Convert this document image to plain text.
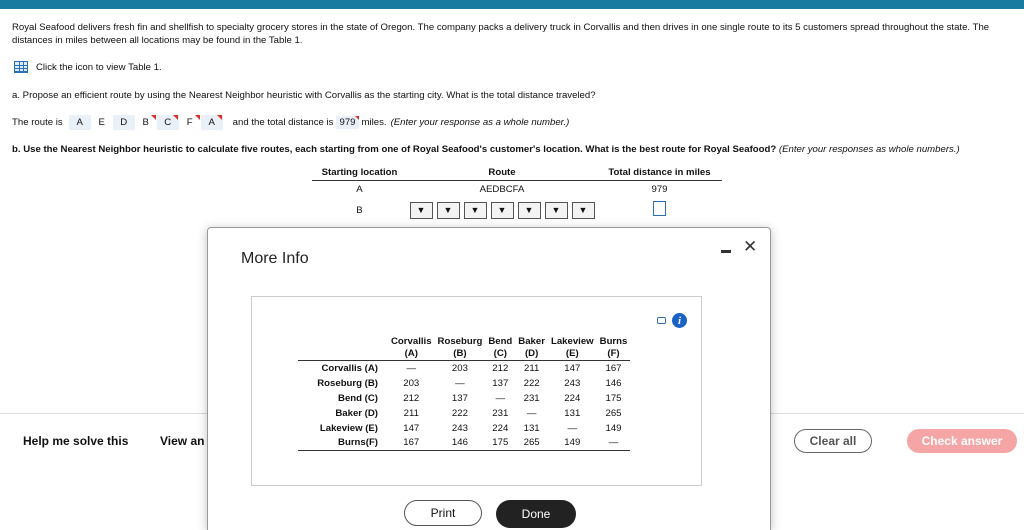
Royal Seafood delivers fresh fin and shellfish to specialty grocery stores in the state of Oregon. The company packs a delivery truck in Corvallis and then drives in one single route to its 5 customers spread throughout the state. The distances in miles between all locations may be found in the Table 1.
Click the icon to view Table 1.
a. Propose an efficient route by using the Nearest Neighbor heuristic with Corvallis as the starting city. What is the total distance traveled?
The route is A E D B C F A and the total distance is 979 miles. (Enter your response as a whole number.)
b. Use the Nearest Neighbor heuristic to calculate five routes, each starting from one of Royal Seafood's customer's location. What is the best route for Royal Seafood? (Enter your responses as whole numbers.)
Starting location	Route	Total distance in miles
A	AEDBCFA	979
B	▼ ▼ ▼ ▼ ▼ ▼ ▼
Help me solve this	View an	Clear all	Check answer
More Info
✕
i
	Corvallis	Roseburg	Bend	Baker	Lakeview	Burns
	(A)	(B)	(C)	(D)	(E)	(F)
Corvallis (A)	—	203	212	211	147	167
Roseburg (B)	203	—	137	222	243	146
Bend (C)	212	137	—	231	224	175
Baker (D)	211	222	231	—	131	265
Lakeview (E)	147	243	224	131	—	149
Burns(F)	167	146	175	265	149	—
Print	Done
